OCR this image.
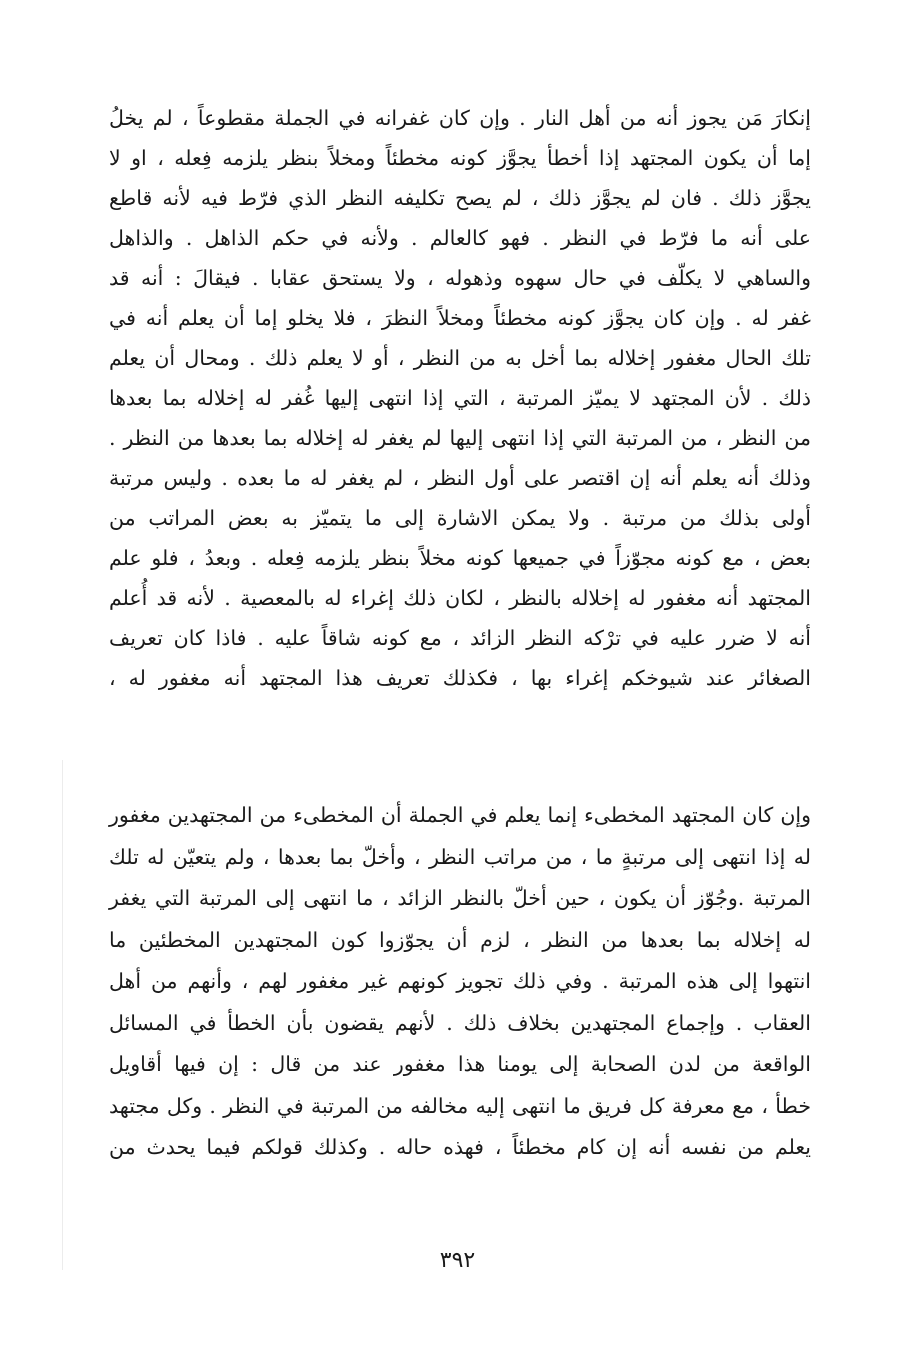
إنكارَ مَن يجوز أنه من أهل النار . وإن كان غفرانه في الجملة مقطوعاً ، لم يخلُ
إما أن يكون المجتهد إذا أخطأ يجوَّز كونه مخطئاً ومخلاً بنظر يلزمه فِعله ، او لا
يجوَّز ذلك . فان لم يجوَّز ذلك ، لم يصح تكليفه النظر الذي فرّط فيه لأنه قاطع
على أنه ما فرّط في النظر . فهو كالعالم . ولأنه في حكم الذاهل . والذاهل
والساهي لا يكلّف في حال سهوه وذهوله ، ولا يستحق عقابا . فيقالَ : أنه قد
غفر له . وإن كان يجوَّز كونه مخطئاً ومخلاً النظرَ ، فلا يخلو إما أن يعلم أنه في
تلك الحال مغفور إخلاله بما أخل به من النظر ، أو لا يعلم ذلك . ومحال أن يعلم
ذلك . لأن المجتهد لا يميّز المرتبة ، التي إذا انتهى إليها غُفر له إخلاله بما بعدها
من النظر ، من المرتبة التي إذا انتهى إليها لم يغفر له إخلاله بما بعدها من النظر .
وذلك أنه يعلم أنه إن اقتصر على أول النظر ، لم يغفر له ما بعده . وليس مرتبة
أولى بذلك من مرتبة . ولا يمكن الاشارة إلى ما يتميّز به بعض المراتب من
بعض ، مع كونه مجوّزاً في جميعها كونه مخلاً بنظر يلزمه فِعله . وبعدُ ، فلو علم
المجتهد أنه مغفور له إخلاله بالنظر ، لكان ذلك إغراء له بالمعصية . لأنه قد أُعلم
أنه لا ضرر عليه في ترْكه النظر الزائد ، مع كونه شاقاً عليه . فاذا كان تعريف
الصغائر عند شيوخكم إغراء بها ، فكذلك تعريف هذا المجتهد أنه مغفور له ،
وإن كان المجتهد المخطىء إنما يعلم في الجملة أن المخطىء من المجتهدين مغفور
له إذا انتهى إلى مرتبةٍ ما ، من مراتب النظر ، وأخلّ بما بعدها ، ولم يتعيّن له تلك
المرتبة .وجُوّز أن يكون ، حين أخلّ بالنظر الزائد ، ما انتهى إلى المرتبة التي يغفر
له إخلاله بما بعدها من النظر ، لزم أن يجوّزوا كون المجتهدين المخطئين ما
انتهوا إلى هذه المرتبة . وفي ذلك تجويز كونهم غير مغفور لهم ، وأنهم من أهل
العقاب . وإجماع المجتهدين بخلاف ذلك . لأنهم يقضون بأن الخطأ في المسائل
الواقعة من لدن الصحابة إلى يومنا هذا مغفور عند من قال : إن فيها أقاويل
خطأ ، مع معرفة كل فريق ما انتهى إليه مخالفه من المرتبة في النظر . وكل مجتهد
يعلم من نفسه أنه إن كام مخطئاً ، فهذه حاله . وكذلك قولكم فيما يحدث من
٣٩٢
